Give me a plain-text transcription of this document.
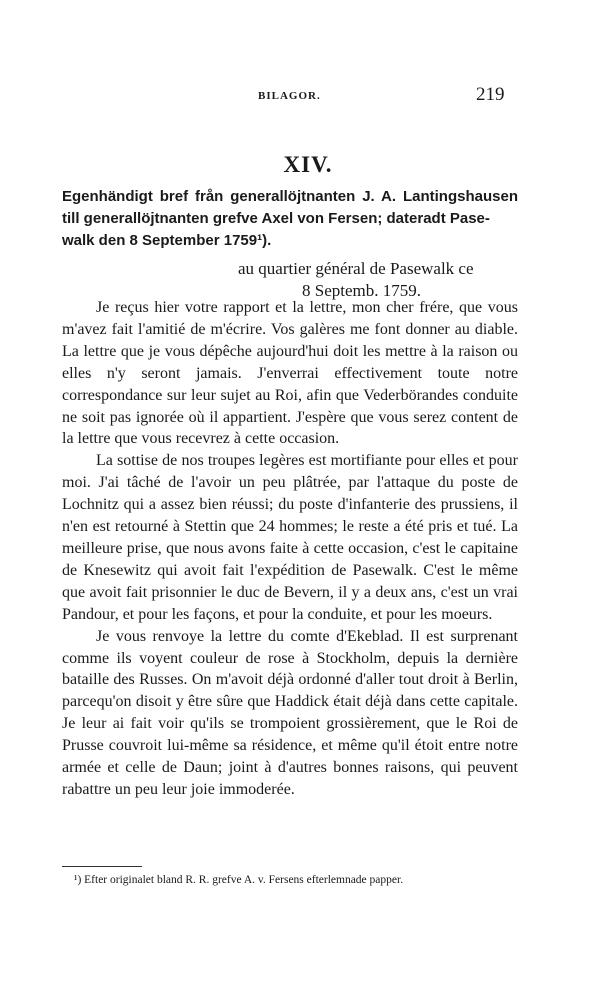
BILAGOR.	219
XIV.
Egenhändigt bref från generallöjtnanten J. A. Lantingshausen till generallöjtnanten grefve Axel von Fersen; dateradt Pase-
walk den 8 September 1759¹).
au quartier général de Pasewalk ce
8 Septemb. 1759.

Je reçus hier votre rapport et la lettre, mon cher frére, que vous m'avez fait l'amitié de m'écrire. Vos galères me font donner au diable. La lettre que je vous dépêche aujourd'hui doit les mettre à la raison ou elles n'y seront jamais. J'enverrai effectivement toute notre correspondance sur leur sujet au Roi, afin que Vederbörandes conduite ne soit pas ignorée où il appartient. J'espère que vous serez content de la lettre que vous recevrez à cette occasion.

La sottise de nos troupes legères est mortifiante pour elles et pour moi. J'ai tâché de l'avoir un peu plâtrée, par l'attaque du poste de Lochnitz qui a assez bien réussi; du poste d'infanterie des prussiens, il n'en est retourné à Stettin que 24 hommes; le reste a été pris et tué. La meilleure prise, que nous avons faite à cette occasion, c'est le capitaine de Knesewitz qui avoit fait l'expédition de Pasewalk. C'est le même que avoit fait prisonnier le duc de Bevern, il y a deux ans, c'est un vrai Pandour, et pour les façons, et pour la conduite, et pour les moeurs.

Je vous renvoye la lettre du comte d'Ekeblad. Il est surprenant comme ils voyent couleur de rose à Stockholm, depuis la dernière bataille des Russes. On m'avoit déjà ordonné d'aller tout droit à Berlin, parcequ'on disoit y être sûre que Haddick était déjà dans cette capitale. Je leur ai fait voir qu'ils se trompoient grossièrement, que le Roi de Prusse couvroit lui-même sa résidence, et même qu'il étoit entre notre armée et celle de Daun; joint à d'autres bonnes raisons, qui peuvent rabattre un peu leur joie immoderée.

¹) Efter originalet bland R. R. grefve A. v. Fersens efterlemnade papper.
